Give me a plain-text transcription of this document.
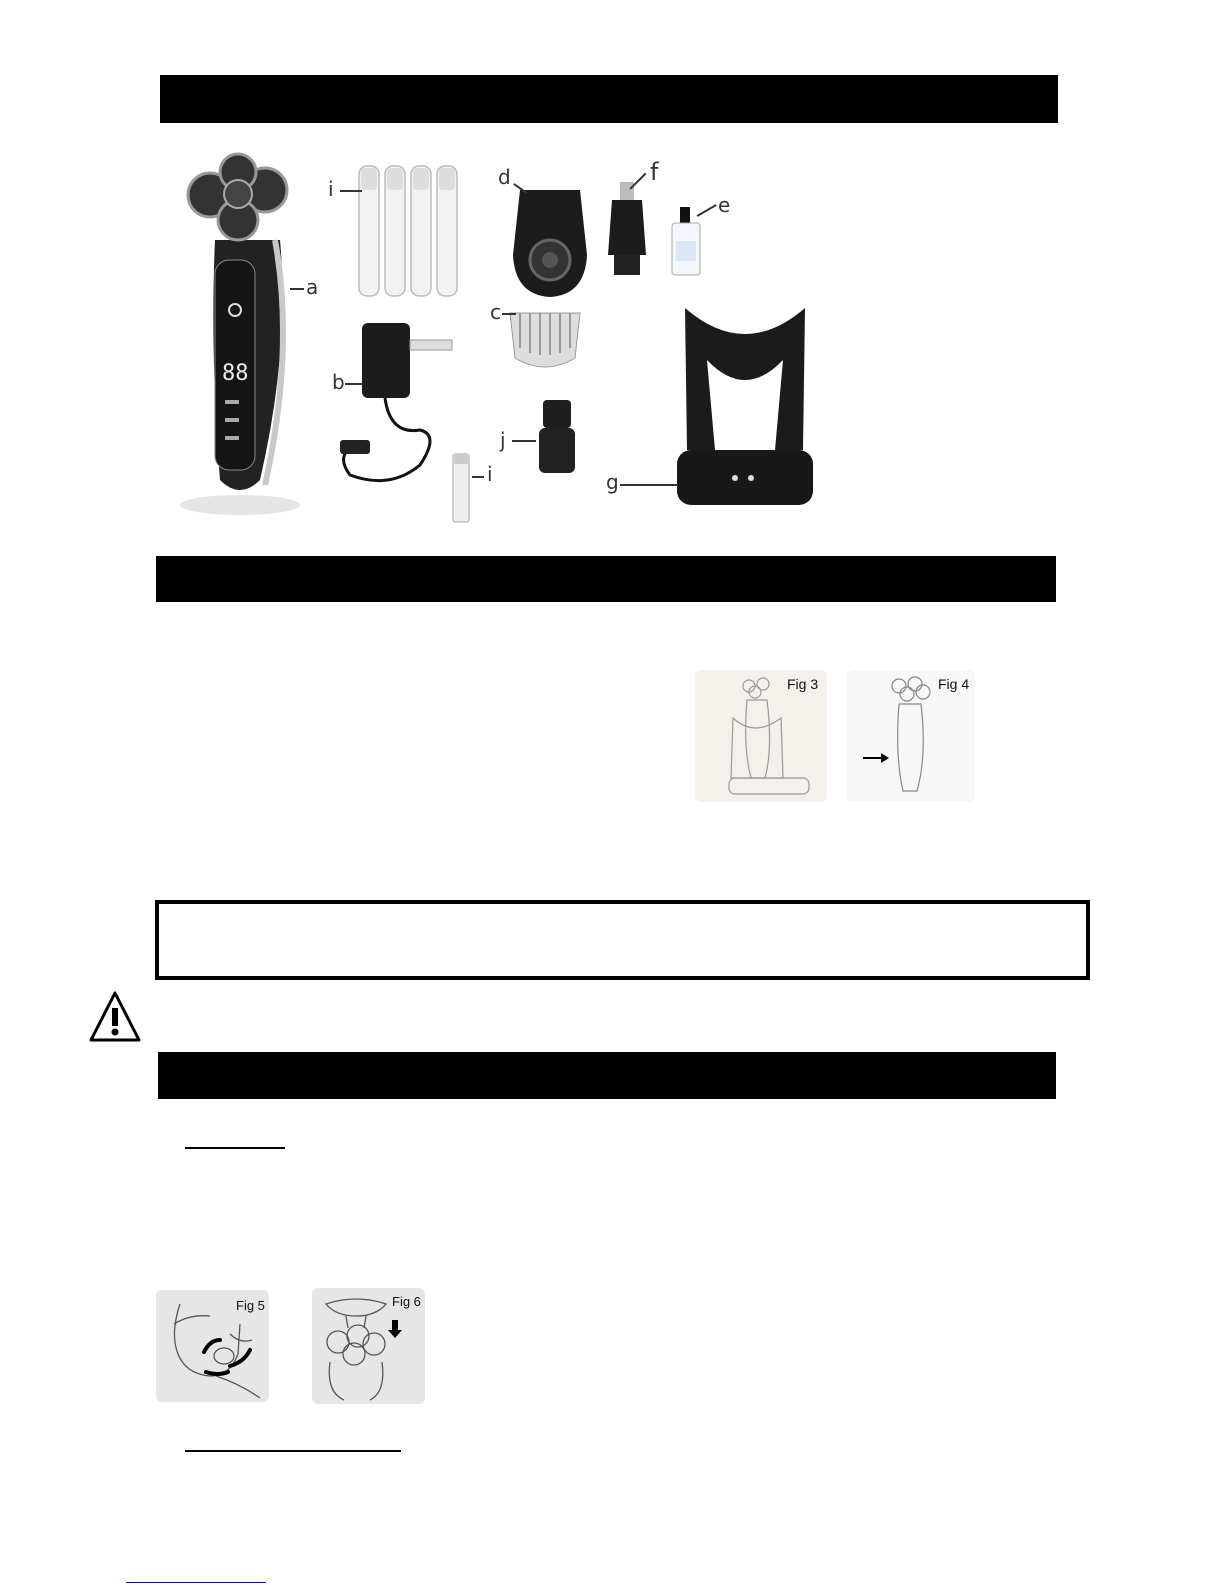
88
a
i
b
i
d
c
j
f
e
g
Fig 3	Fig 4
Fig 5	Fig 6
